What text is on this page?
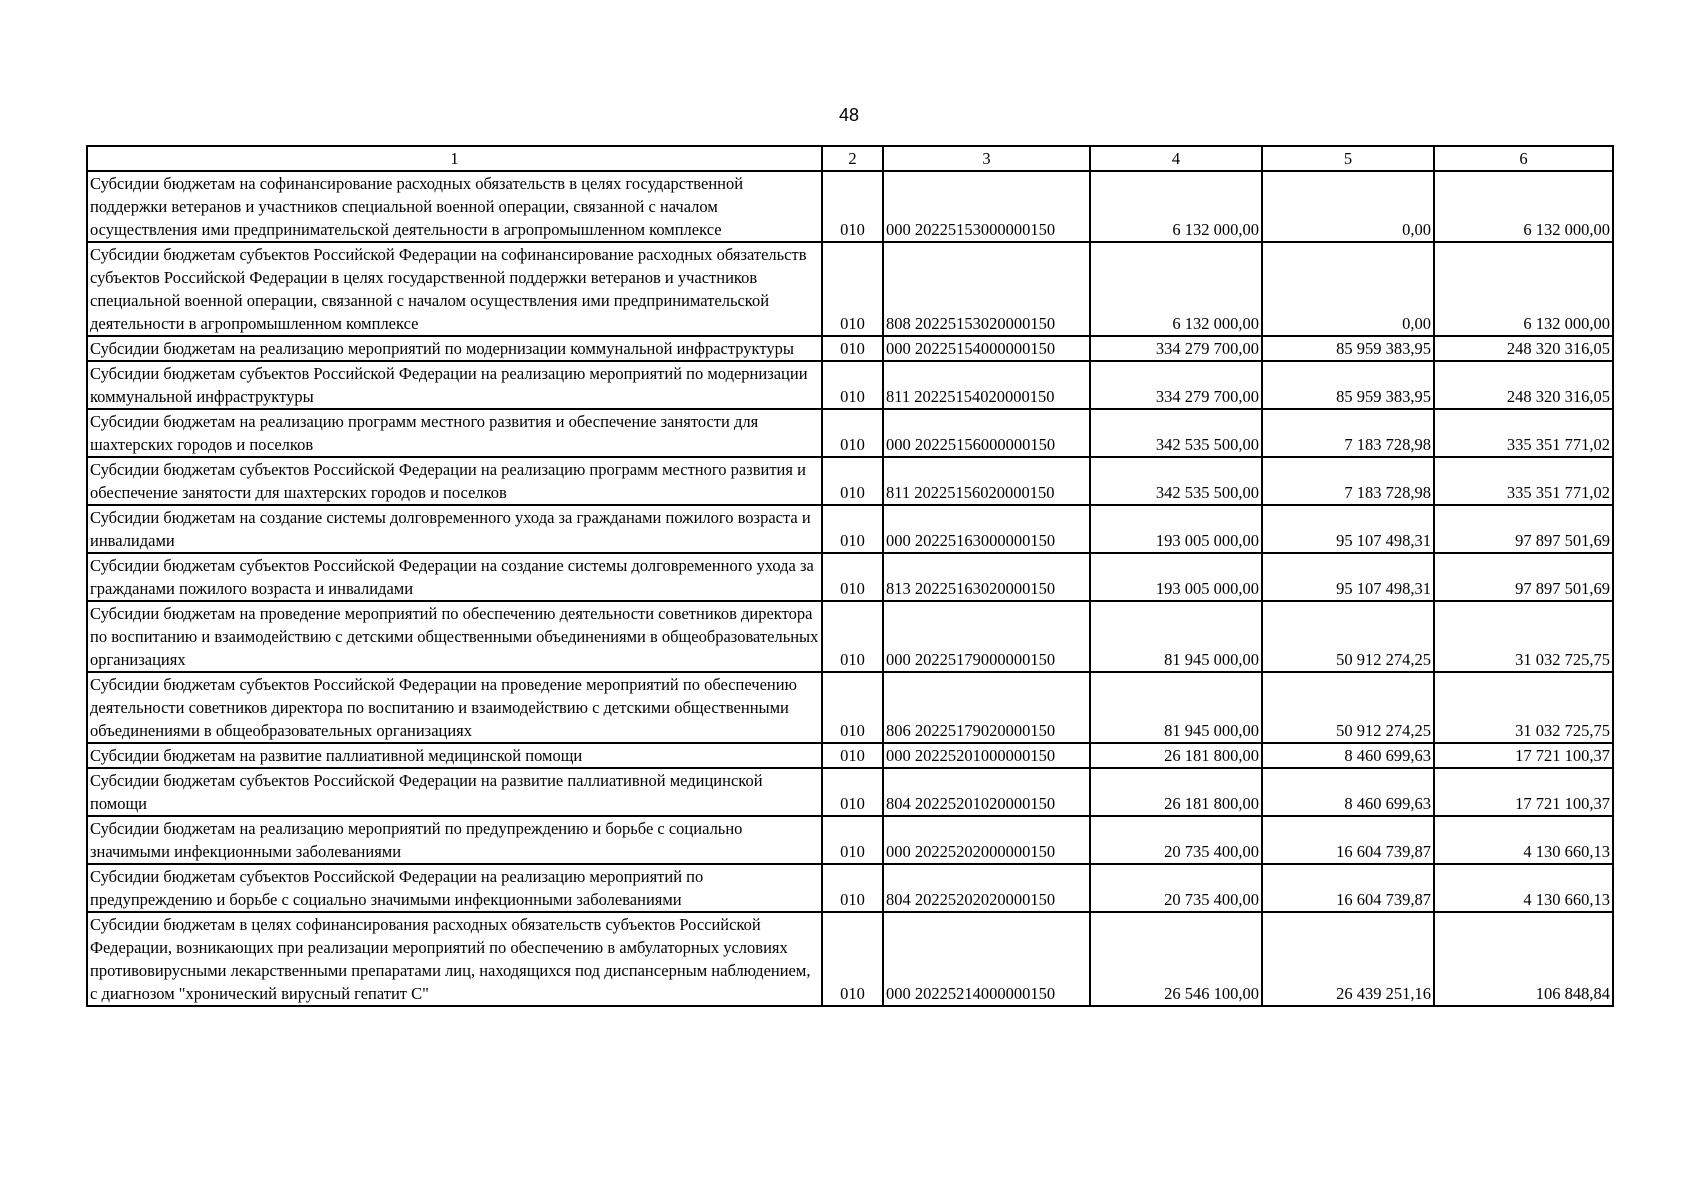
48
1	2	3	4	5	6
Субсидии бюджетам на софинансирование расходных обязательств в целях государственной поддержки ветеранов и участников специальной военной операции, связанной с началом осуществления ими предпринимательской деятельности в агропромышленном комплексе	010	000 20225153000000150	6 132 000,00	0,00	6 132 000,00
Субсидии бюджетам субъектов Российской Федерации на софинансирование расходных обязательств субъектов Российской Федерации в целях государственной поддержки ветеранов и участников специальной военной операции, связанной с началом осуществления ими предпринимательской деятельности в агропромышленном комплексе	010	808 20225153020000150	6 132 000,00	0,00	6 132 000,00
Субсидии бюджетам на реализацию мероприятий по модернизации коммунальной инфраструктуры	010	000 20225154000000150	334 279 700,00	85 959 383,95	248 320 316,05
Субсидии бюджетам субъектов Российской Федерации на реализацию мероприятий по модернизации коммунальной инфраструктуры	010	811 20225154020000150	334 279 700,00	85 959 383,95	248 320 316,05
Субсидии бюджетам на реализацию программ местного развития и обеспечение занятости для шахтерских городов и поселков	010	000 20225156000000150	342 535 500,00	7 183 728,98	335 351 771,02
Субсидии бюджетам субъектов Российской Федерации на реализацию программ местного развития и обеспечение занятости для шахтерских городов и поселков	010	811 20225156020000150	342 535 500,00	7 183 728,98	335 351 771,02
Субсидии бюджетам на создание системы долговременного ухода за гражданами пожилого возраста и инвалидами	010	000 20225163000000150	193 005 000,00	95 107 498,31	97 897 501,69
Субсидии бюджетам субъектов Российской Федерации на создание системы долговременного ухода за гражданами пожилого возраста и инвалидами	010	813 20225163020000150	193 005 000,00	95 107 498,31	97 897 501,69
Субсидии бюджетам на проведение мероприятий по обеспечению деятельности советников директора по воспитанию и взаимодействию с детскими общественными объединениями в общеобразовательных организациях	010	000 20225179000000150	81 945 000,00	50 912 274,25	31 032 725,75
Субсидии бюджетам субъектов Российской Федерации на проведение мероприятий по обеспечению деятельности советников директора по воспитанию и взаимодействию с детскими общественными объединениями в общеобразовательных организациях	010	806 20225179020000150	81 945 000,00	50 912 274,25	31 032 725,75
Субсидии бюджетам на развитие паллиативной медицинской помощи	010	000 20225201000000150	26 181 800,00	8 460 699,63	17 721 100,37
Субсидии бюджетам субъектов Российской Федерации на развитие паллиативной медицинской помощи	010	804 20225201020000150	26 181 800,00	8 460 699,63	17 721 100,37
Субсидии бюджетам на реализацию мероприятий по предупреждению и борьбе с социально значимыми инфекционными заболеваниями	010	000 20225202000000150	20 735 400,00	16 604 739,87	4 130 660,13
Субсидии бюджетам субъектов Российской Федерации на реализацию мероприятий по предупреждению и борьбе с социально значимыми инфекционными заболеваниями	010	804 20225202020000150	20 735 400,00	16 604 739,87	4 130 660,13
Субсидии бюджетам в целях софинансирования расходных обязательств субъектов Российской Федерации, возникающих при реализации мероприятий по обеспечению в амбулаторных условиях противовирусными лекарственными препаратами лиц, находящихся под диспансерным наблюдением, с диагнозом "хронический вирусный гепатит С"	010	000 20225214000000150	26 546 100,00	26 439 251,16	106 848,84
